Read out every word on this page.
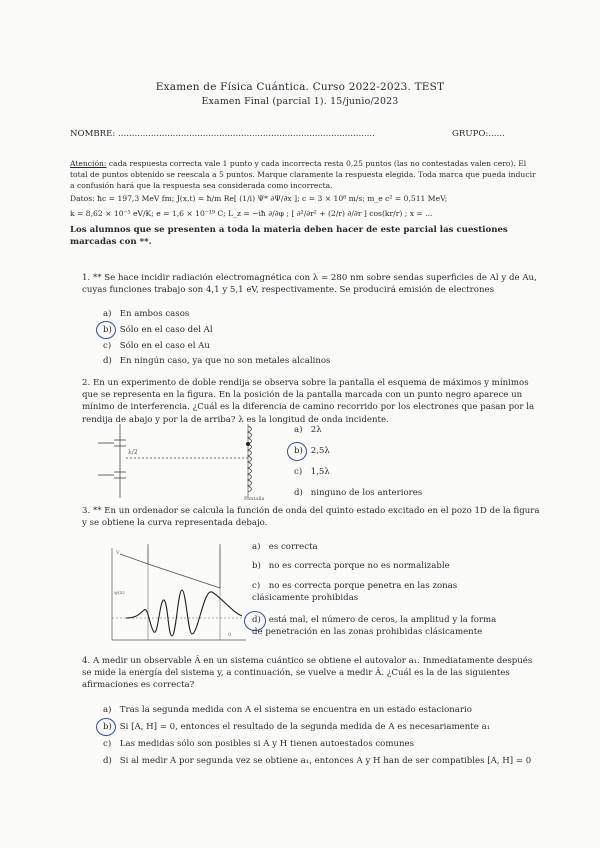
Examen de Física Cuántica. Curso 2022-2023. TEST
Examen Final (parcial 1). 15/junio/2023
NOMBRE: ..............................................................................................	GRUPO:......
Atención: cada respuesta correcta vale 1 punto y cada incorrecta resta 0,25 puntos (las no contestadas valen cero). El total de puntos obtenido se reescala a 5 puntos. Marque claramente la respuesta elegida. Toda marca que pueda inducir a confusión hará que la respuesta sea considerada como incorrecta.
Datos: ħc = 197,3 MeV fm; J(x,t) = ħ/m Re[ (1/i) Ψ* ∂Ψ/∂x ]; c = 3 × 10⁸ m/s; m_e c² = 0,511 MeV;
k = 8,62 × 10⁻⁵ eV/K; e = 1,6 × 10⁻¹⁹ C; L_z = −iħ ∂/∂φ ; [ ∂²/∂r² + (2/r) ∂/∂r ] cos(kr/r) ; x = ...
Los alumnos que se presenten a toda la materia deben hacer de este parcial las cuestiones marcadas con **.
1. ** Se hace incidir radiación electromagnética con λ = 280 nm sobre sendas superficies de Al y de Au, cuyas funciones trabajo son 4,1 y 5,1 eV, respectivamente. Se producirá emisión de electrones
a) En ambos casos
b) Sólo en el caso del Al
c) Sólo en el caso el Au
d) En ningún caso, ya que no son metales alcalinos
2. En un experimento de doble rendija se observa sobre la pantalla el esquema de máximos y mínimos que se representa en la figura. En la posición de la pantalla marcada con un punto negro aparece un mínimo de interferencia. ¿Cuál es la diferencia de camino recorrido por los electrones que pasan por la rendija de abajo y por la de arriba? λ es la longitud de onda incidente.
λ/2
Pantalla
a) 2λ
b) 2,5λ
c) 1,5λ
d) ninguno de los anteriores
3. ** En un ordenador se calcula la función de onda del quinto estado excitado en el pozo 1D de la figura y se obtiene la curva representada debajo.
ψ(x)
V
0
a) es correcta
b) no es correcta porque no es normalizable
c) no es correcta porque penetra en las zonas clásicamente prohibidas
d) está mal, el número de ceros, la amplitud y la forma de penetración en las zonas prohibidas clásicamente
4. A medir un observable Â en un sistema cuántico se obtiene el autovalor a₁. Inmediatamente después se mide la energía del sistema y, a continuación, se vuelve a medir Â. ¿Cuál es la de las siguientes afirmaciones es correcta?
a) Tras la segunda medida con Â el sistema se encuentra en un estado estacionario
b) Si [Â, Ĥ] = 0, entonces el resultado de la segunda medida de Â es necesariamente a₁
c) Las medidas sólo son posibles si Â y Ĥ tienen autoestados comunes
d) Si al medir Â por segunda vez se obtiene a₁, entonces Â y Ĥ han de ser compatibles [Â, Ĥ] = 0
